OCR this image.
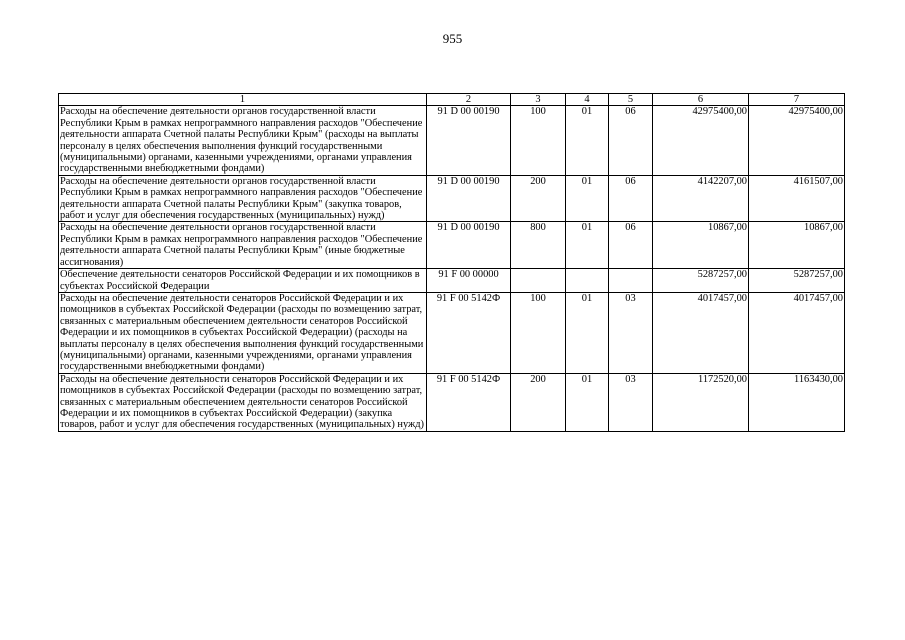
955
1	2	3	4	5	6	7
Расходы на обеспечение деятельности органов государственной власти Республики Крым в рамках непрограммного направления расходов "Обеспечение деятельности аппарата Счетной палаты Республики Крым" (расходы на выплаты персоналу в целях обеспечения выполнения функций государственными (муниципальными) органами, казенными учреждениями, органами управления государственными внебюджетными фондами)	91 D 00 00190	100	01	06	42975400,00	42975400,00
Расходы на обеспечение деятельности органов государственной власти Республики Крым в рамках непрограммного направления расходов "Обеспечение деятельности аппарата Счетной палаты Республики Крым" (закупка товаров, работ и услуг для обеспечения государственных (муниципальных) нужд)	91 D 00 00190	200	01	06	4142207,00	4161507,00
Расходы на обеспечение деятельности органов государственной власти Республики Крым в рамках непрограммного направления расходов "Обеспечение деятельности аппарата Счетной палаты Республики Крым" (иные бюджетные ассигнования)	91 D 00 00190	800	01	06	10867,00	10867,00
Обеспечение деятельности сенаторов Российской Федерации и их помощников в субъектах Российской Федерации	91 F 00 00000				5287257,00	5287257,00
Расходы на обеспечение деятельности сенаторов Российской Федерации и их помощников в субъектах Российской Федерации (расходы по возмещению затрат, связанных с материальным обеспечением деятельности сенаторов Российской Федерации и их помощников в субъектах Российской Федерации) (расходы на выплаты персоналу в целях обеспечения выполнения функций государственными (муниципальными) органами, казенными учреждениями, органами управления государственными внебюджетными фондами)	91 F 00 5142Ф	100	01	03	4017457,00	4017457,00
Расходы на обеспечение деятельности сенаторов Российской Федерации и их помощников в субъектах Российской Федерации (расходы по возмещению затрат, связанных с материальным обеспечением деятельности сенаторов Российской Федерации и их помощников в субъектах Российской Федерации) (закупка товаров, работ и услуг для обеспечения государственных (муниципальных) нужд)	91 F 00 5142Ф	200	01	03	1172520,00	1163430,00
